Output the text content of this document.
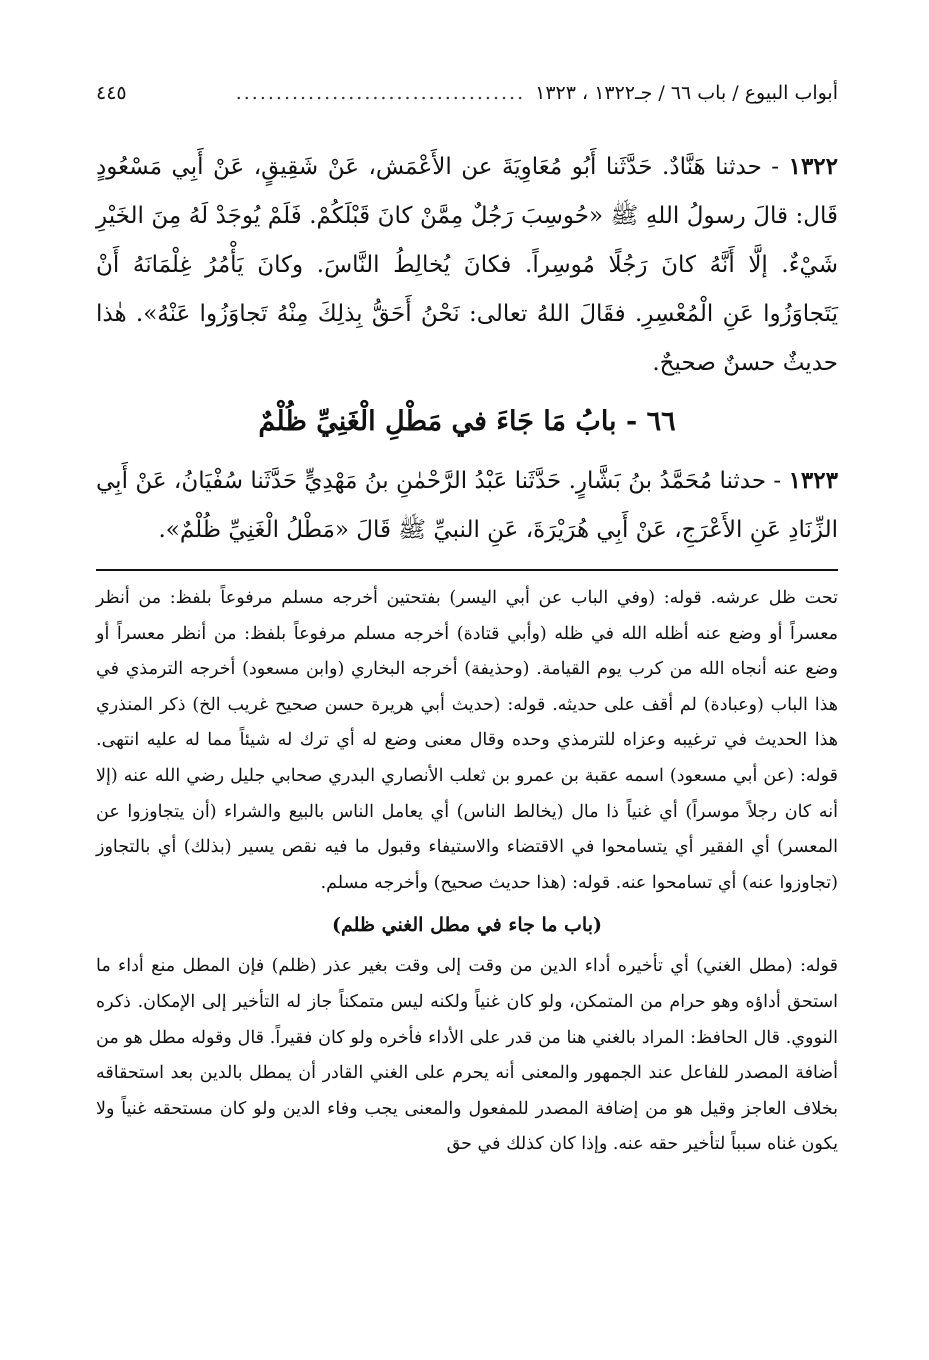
أبواب البيوع / باب ٦٦ / جـ١٣٢٢ ، ١٣٢٣
....................................
٤٤٥

١٣٢٢ - حدثنا هَنَّادٌ. حَدَّثَنا أَبُو مُعَاوِيَةَ عن الأَعْمَش، عَنْ شَقِيقٍ، عَنْ أَبِي مَسْعُودٍ قَال: قالَ رسولُ اللهِ ﷺ «حُوسِبَ رَجُلٌ مِمَّنْ كانَ قَبْلَكُمْ. فَلَمْ يُوجَدْ لَهُ مِنَ الخَيْرِ شَيْءٌ. إلَّا أَنَّهُ كانَ رَجُلًا مُوسِراً. فكانَ يُخالِطُ النَّاسَ. وكانَ يَأْمُرُ غِلْمَانَهُ أَنْ يَتَجاوَزُوا عَنِ الْمُعْسِرِ. فقَالَ اللهُ تعالى: نَحْنُ أَحَقُّ بِذلِكَ مِنْهُ تَجاوَزُوا عَنْهُ». هٰذا حديثٌ حسنٌ صحيحٌ.

٦٦ - بابُ مَا جَاءَ في مَطْلِ الْغَنِيِّ ظُلْمٌ

١٣٢٣ - حدثنا مُحَمَّدُ بنُ بَشَّارٍ. حَدَّثَنا عَبْدُ الرَّحْمٰنِ بنُ مَهْدِيٍّ حَدَّثَنا سُفْيَانُ، عَنْ أَبِي الزِّنَادِ عَنِ الأَعْرَجِ، عَنْ أَبِي هُرَيْرَةَ، عَنِ النبيِّ ﷺ قَالَ «مَطْلُ الْغَنِيِّ ظُلْمٌ».

تحت ظل عرشه. قوله: (وفي الباب عن أبي اليسر) بفتحتين أخرجه مسلم مرفوعاً بلفظ: من أنظر معسراً أو وضع عنه أظله الله في ظله (وأبي قتادة) أخرجه مسلم مرفوعاً بلفظ: من أنظر معسراً أو وضع عنه أنجاه الله من كرب يوم القيامة. (وحذيفة) أخرجه البخاري (وابن مسعود) أخرجه الترمذي في هذا الباب (وعبادة) لم أقف على حديثه. قوله: (حديث أبي هريرة حسن صحيح غريب الخ) ذكر المنذري هذا الحديث في ترغيبه وعزاه للترمذي وحده وقال معنى وضع له أي ترك له شيئاً مما له عليه انتهى. قوله: (عن أبي مسعود) اسمه عقبة بن عمرو بن ثعلب الأنصاري البدري صحابي جليل رضي الله عنه (إلا أنه كان رجلاً موسراً) أي غنياً ذا مال (يخالط الناس) أي يعامل الناس بالبيع والشراء (أن يتجاوزوا عن المعسر) أي الفقير أي يتسامحوا في الاقتضاء والاستيفاء وقبول ما فيه نقص يسير (بذلك) أي بالتجاوز (تجاوزوا عنه) أي تسامحوا عنه. قوله: (هذا حديث صحيح) وأخرجه مسلم.

(باب ما جاء في مطل الغني ظلم)

قوله: (مطل الغني) أي تأخيره أداء الدين من وقت إلى وقت بغير عذر (ظلم) فإن المطل منع أداء ما استحق أداؤه وهو حرام من المتمكن، ولو كان غنياً ولكنه ليس متمكناً جاز له التأخير إلى الإمكان. ذكره النووي. قال الحافظ: المراد بالغني هنا من قدر على الأداء فأخره ولو كان فقيراً. قال وقوله مطل هو من أضافة المصدر للفاعل عند الجمهور والمعنى أنه يحرم على الغني القادر أن يمطل بالدين بعد استحقاقه بخلاف العاجز وقيل هو من إضافة المصدر للمفعول والمعنى يجب وفاء الدين ولو كان مستحقه غنياً ولا يكون غناه سبباً لتأخير حقه عنه. وإذا كان كذلك في حق
